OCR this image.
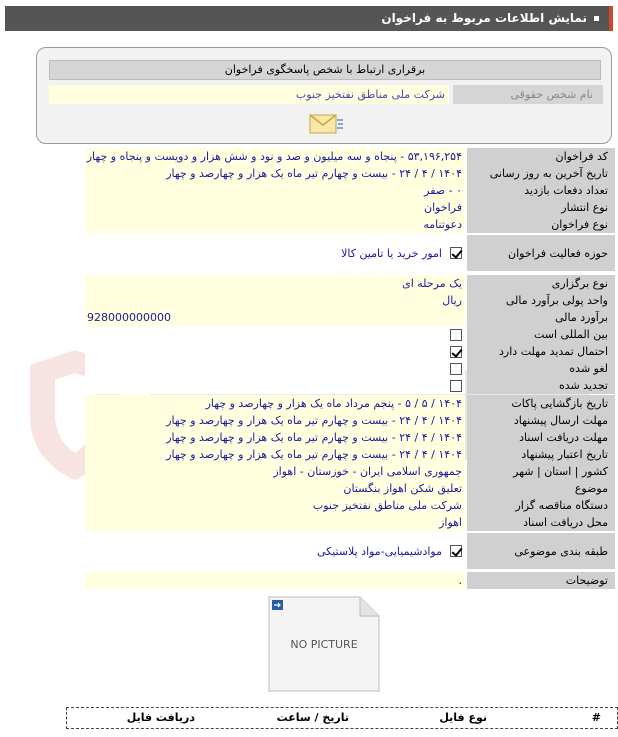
نمایش اطلاعات مربوط به فراخوان
برقراری ارتباط با شخص پاسخگوی فراخوان
نام شخص حقوقی
شرکت ملی مناطق نفتخیز جنوب
کد فراخوان
۵۳,۱۹۶,۲۵۴ - پنجاه و سه میلیون و صد و نود و شش هزار و دویست و پنجاه و چهار
تاریخ آخرین به روز رسانی
۱۴۰۴ / ۴ / ۲۴ - بیست و چهارم تیر ماه یک هزار و چهارصد و چهار
تعداد دفعات بازدید
۰ - صفر
نوع انتشار
فراخوان
نوع فراخوان
دعوتنامه
حوزه فعالیت فراخوان
امور خرید یا تامین کالا
نوع برگزاری
یک مرحله ای
واحد پولی برآورد مالی
ریال
برآورد مالی
928000000000
بین المللی است
احتمال تمدید مهلت دارد
لغو شده
تجدید شده
تاریخ بازگشایی پاکات
۱۴۰۴ / ۵ / ۵ - پنجم مرداد ماه یک هزار و چهارصد و چهار
مهلت ارسال پیشنهاد
۱۴۰۴ / ۴ / ۲۴ - بیست و چهارم تیر ماه یک هزار و چهارصد و چهار
مهلت دریافت اسناد
۱۴۰۴ / ۴ / ۲۴ - بیست و چهارم تیر ماه یک هزار و چهارصد و چهار
تاریخ اعتبار پیشنهاد
۱۴۰۴ / ۴ / ۲۴ - بیست و چهارم تیر ماه یک هزار و چهارصد و چهار
کشور | استان | شهر
جمهوری اسلامی ایران - خوزستان - اهواز
موضوع
تعلیق شکن اهواز بنگستان
دستگاه مناقصه گزار
شرکت ملی مناطق نفتخیز جنوب
محل دریافت اسناد
اهواز
طبقه بندی موضوعی
موادشیمیایی-مواد پلاستیکی
توضیحات
.
NO PICTURE
#
نوع فایل
تاریخ / ساعت
دریافت فایل
